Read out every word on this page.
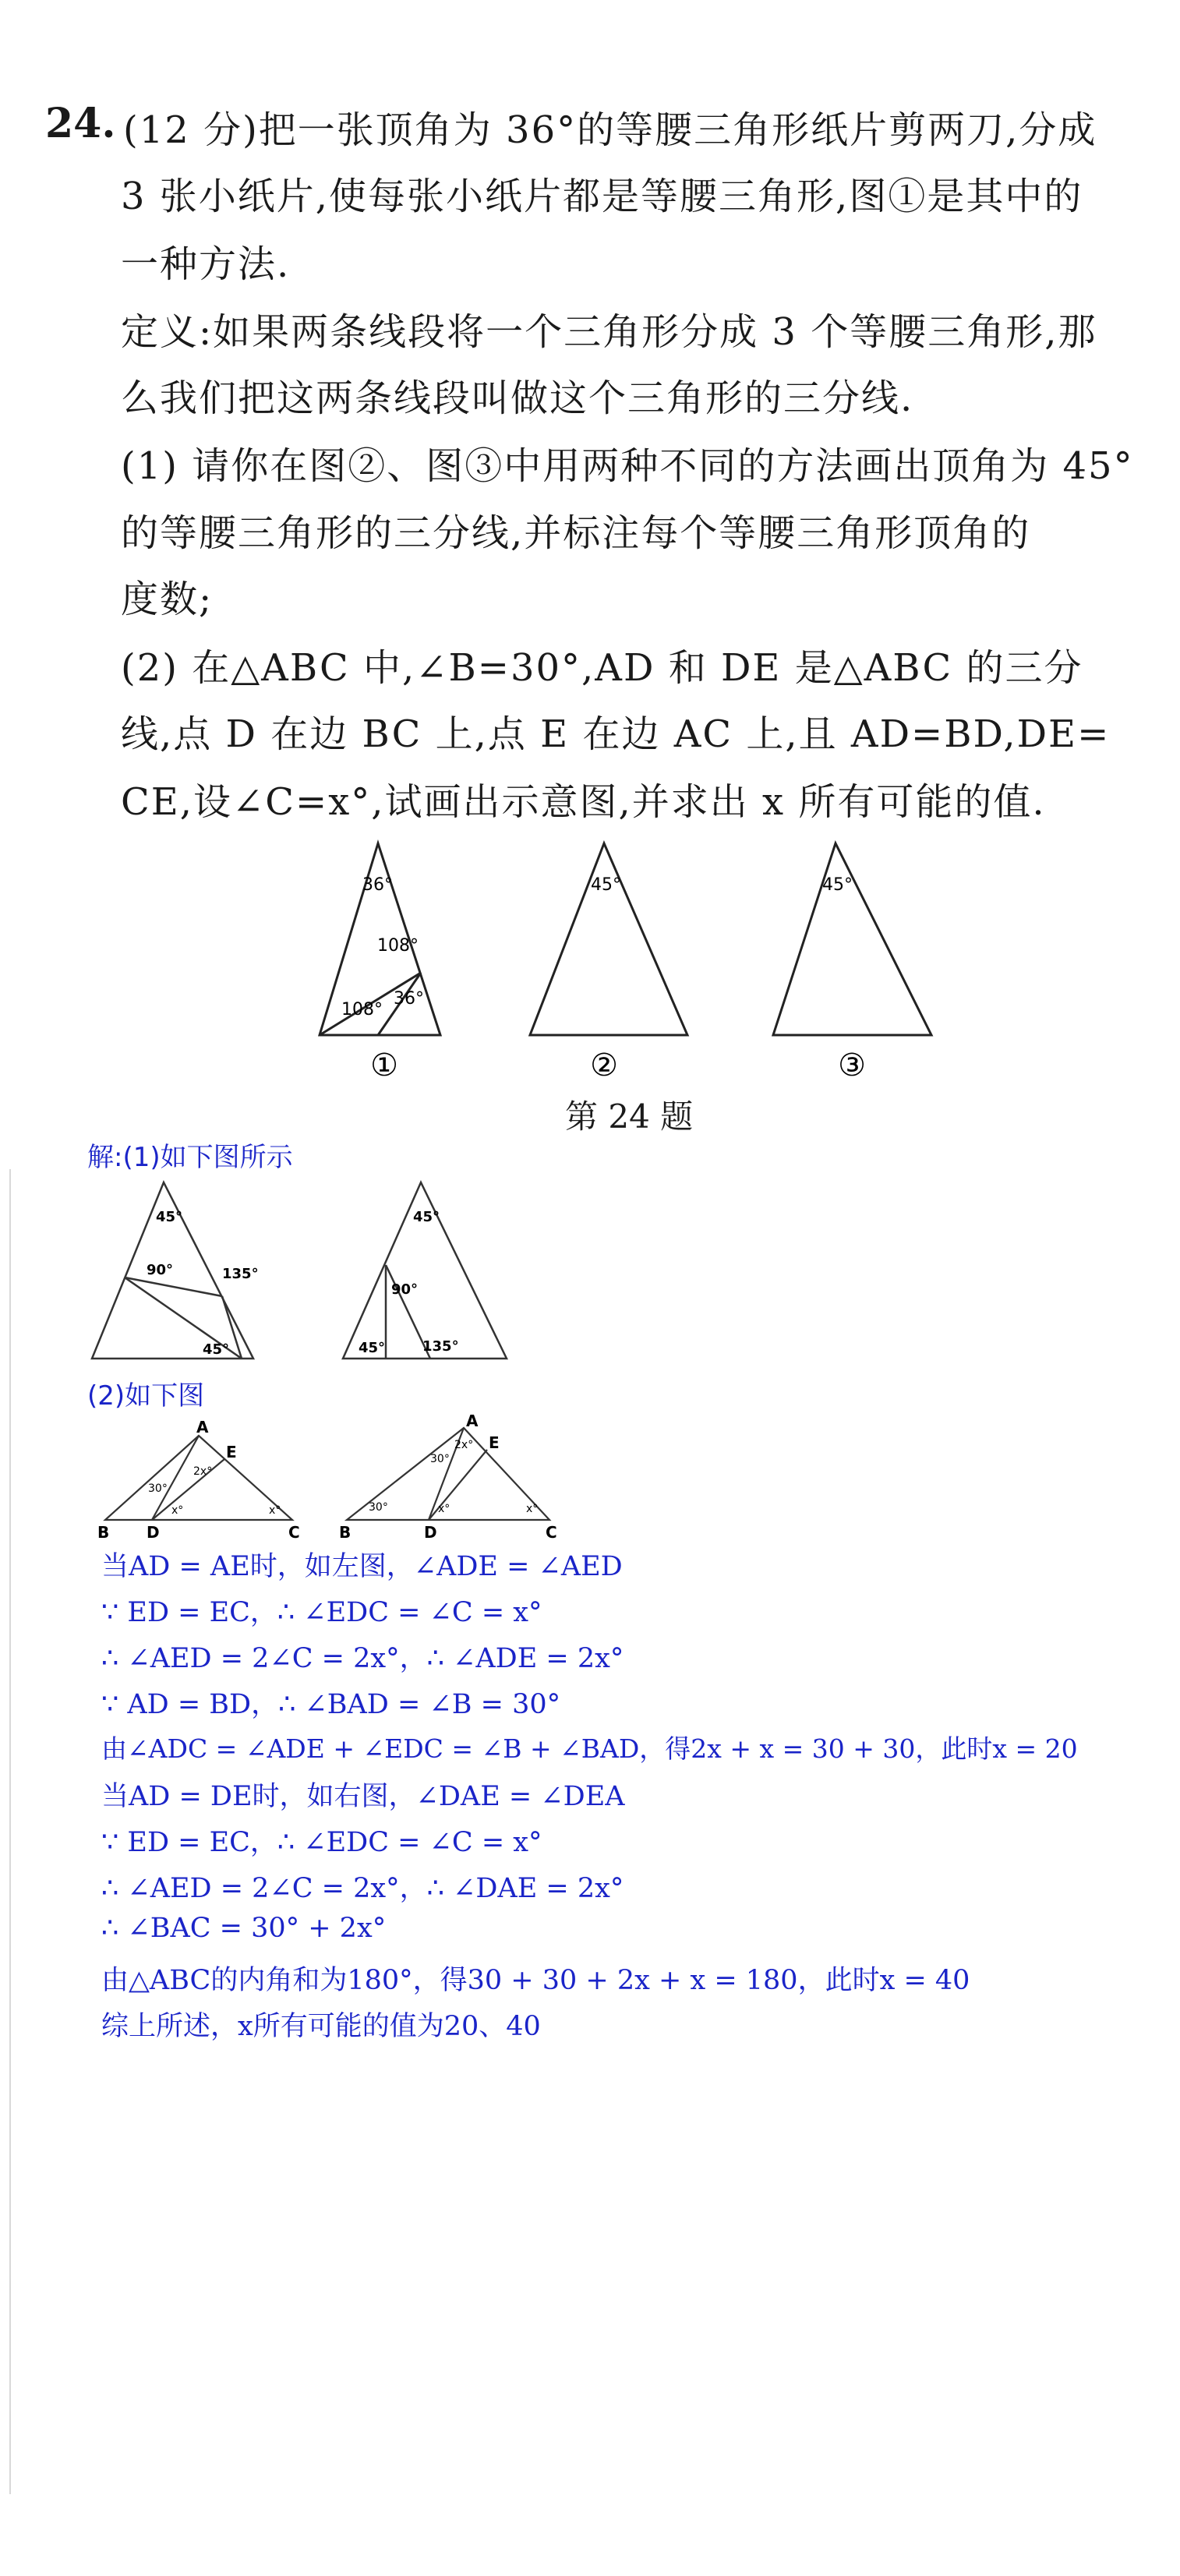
24. (12 分)把一张顶角为 36°的等腰三角形纸片剪两刀,分成
3 张小纸片,使每张小纸片都是等腰三角形,图①是其中的
一种方法.
定义:如果两条线段将一个三角形分成 3 个等腰三角形,那
么我们把这两条线段叫做这个三角形的三分线.
(1) 请你在图②、图③中用两种不同的方法画出顶角为 45°
的等腰三角形的三分线,并标注每个等腰三角形顶角的
度数;
(2) 在△ABC 中,∠B=30°,AD 和 DE 是△ABC 的三分
线,点 D 在边 BC 上,点 E 在边 AC 上,且 AD=BD,DE=
CE,设∠C=x°,试画出示意图,并求出 x 所有可能的值.
36°
108°
108°
36°
45°	45°
①	②	③
第 24 题
解:(1)如下图所示
45°
90°	135°
45°
45°
90°
45°	135°
(2)如下图
A
E
B D	C
30°
2x°
x°	x°
A
E
B	D	C
30°
30°
2x°
x°	x°
当AD = AE时，如左图，∠ADE = ∠AED
∵ ED = EC，∴ ∠EDC = ∠C = x°
∴ ∠AED = 2∠C = 2x°，∴ ∠ADE = 2x°
∵ AD = BD，∴ ∠BAD = ∠B = 30°
由∠ADC = ∠ADE + ∠EDC = ∠B + ∠BAD，得2x + x = 30 + 30，此时x = 20
当AD = DE时，如右图，∠DAE = ∠DEA
∵ ED = EC，∴ ∠EDC = ∠C = x°
∴ ∠AED = 2∠C = 2x°，∴ ∠DAE = 2x°
∴ ∠BAC = 30° + 2x°
由△ABC的内角和为180°，得30 + 30 + 2x + x = 180，此时x = 40
综上所述，x所有可能的值为20、40
